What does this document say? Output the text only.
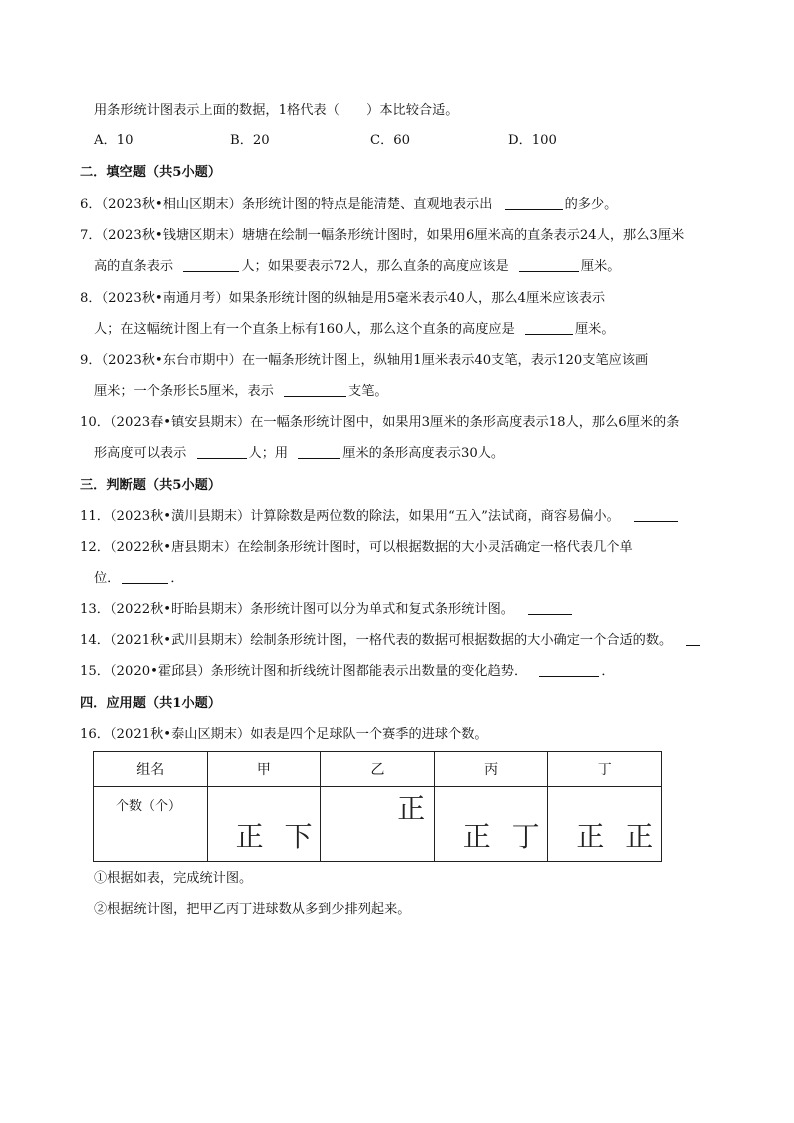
用条形统计图表示上面的数据，1格代表（　　）本比较合适。
A．10	B．20	C．60	D．100
二．填空题（共5小题）
6．（2023秋•相山区期末）条形统计图的特点是能清楚、直观地表示出	的多少。
7．（2023秋•钱塘区期末）塘塘在绘制一幅条形统计图时，如果用6厘米高的直条表示24人，那么3厘米
高的直条表示	人；如果要表示72人，那么直条的高度应该是	厘米。
8．（2023秋•南通月考）如果条形统计图的纵轴是用5毫米表示40人，那么4厘米应该表示
人；在这幅统计图上有一个直条上标有160人，那么这个直条的高度应是	厘米。
9．（2023秋•东台市期中）在一幅条形统计图上，纵轴用1厘米表示40支笔，表示120支笔应该画
厘米；一个条形长5厘米，表示	支笔。
10．（2023春•镇安县期末）在一幅条形统计图中，如果用3厘米的条形高度表示18人，那么6厘米的条
形高度可以表示	人；用	厘米的条形高度表示30人。
三．判断题（共5小题）
11．（2023秋•潢川县期末）计算除数是两位数的除法，如果用“五入”法试商，商容易偏小。
12．（2022秋•唐县期末）在绘制条形统计图时，可以根据数据的大小灵活确定一格代表几个单
位．	．
13．（2022秋•盱眙县期末）条形统计图可以分为单式和复式条形统计图。
14．（2021秋•武川县期末）绘制条形统计图，一格代表的数据可根据数据的大小确定一个合适的数。
15．（2020•霍邱县）条形统计图和折线统计图都能表示出数量的变化趋势．	．
四．应用题（共1小题）
16．（2021秋•泰山区期末）如表是四个足球队一个赛季的进球个数。
组名	甲	乙	丙	丁

个数（个）	正 下	正	正 丁	正 正
①根据如表，完成统计图。
②根据统计图，把甲乙丙丁进球数从多到少排列起来。
